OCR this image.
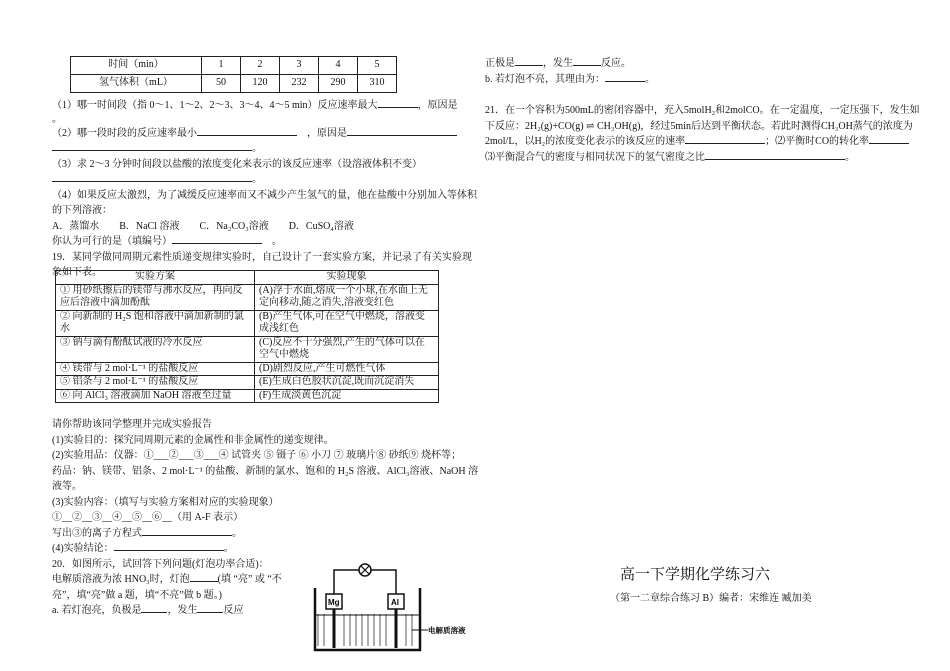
时间（min）	1	2	3	4	5
氢气体积（mL）	50	120	232	290	310

（1）哪一时间段（指 0～1、1～2、2～3、3～4、4～5 min）反应速率最大	，原因是

。

（2）哪一段时段的反应速率最小　	，原因是

。

（3）求 2～3 分钟时间段以盐酸的浓度变化来表示的该反应速率（设溶液体积不变）

。

（4）如果反应太激烈，为了减缓反应速率而又不减少产生氢气的量，他在盐酸中分别加入等体积

的下列溶液：

A．蒸馏水　　B．NaCl 溶液　　C．Na₂CO₃溶液　　D．CuSO₄溶液

你认为可行的是（填编号）　	。

19．某同学做同周期元素性质递变规律实验时，自己设计了一套实验方案，并记录了有关实验现

象如下表。	实验方案	实验现象
① 用砂纸擦后的镁带与沸水反应，再向反应后溶液中滴加酚酞	(A)浮于水面,熔成一个小球,在水面上无定向移动,随之消失,溶液变红色
② 向新制的 H₂S 饱和溶液中滴加新制的氯水	(B)产生气体,可在空气中燃烧，溶液变成浅红色
③ 钠与滴有酚酞试液的冷水反应	(C)反应不十分强烈,产生的气体可以在空气中燃烧
④ 镁带与 2 mol·L⁻¹ 的盐酸反应	(D)剧烈反应,产生可燃性气体
⑤ 铝条与 2 mol·L⁻¹ 的盐酸反应	(E)生成白色胶状沉淀,既而沉淀消失
⑥ 向 AlCl₃ 溶液滴加 NaOH 溶液至过量	(F)生成淡黄色沉淀

请你帮助该同学整理并完成实验报告

(1)实验目的：探究同周期元素的金属性和非金属性的递变规律。

(2)实验用品：仪器：①___②___③___④ 试管夹 ⑤ 镊子 ⑥ 小刀 ⑦ 玻璃片⑧ 砂纸⑨ 烧杯等；

药品：钠、镁带、铝条、2 mol·L⁻¹ 的盐酸、新制的氯水、饱和的 H₂S 溶液、AlCl₃溶液、NaOH 溶

液等。

(3)实验内容：（填写与实验方案相对应的实验现象）

①__②__③__④__⑤__⑥__（用 A-F 表示）

写出③的离子方程式	。

(4)实验结论：	。

20．如图所示，试回答下列问题(灯泡功率合适)：

电解质溶液为浓 HNO₃时，灯泡	(填 “亮” 或 “不

亮”，填“亮”做 a 题，填“不亮”做 b 题。)

a. 若灯泡亮，负极是	，发生	反应

Mg	Al
电解质溶液

正极是	，发生	反应。

b. 若灯泡不亮，其理由为：	。

21．在一个容积为500mL的密闭容器中，充入5molH₂和2molCO。在一定温度，一定压强下，发生如

下反应：2H₂(g)+CO(g) ⇌ CH₃OH(g)，经过5min后达到平衡状态。若此时测得CH₃OH蒸气的浓度为

2mol/L，以H₂的浓度变化表示的该反应的速率	；⑵平衡时CO的转化率

⑶平衡混合气的密度与相同状况下的氢气密度之比	。

高一下学期化学练习六
（第一二章综合练习 B）编者：宋维连 臧加美
